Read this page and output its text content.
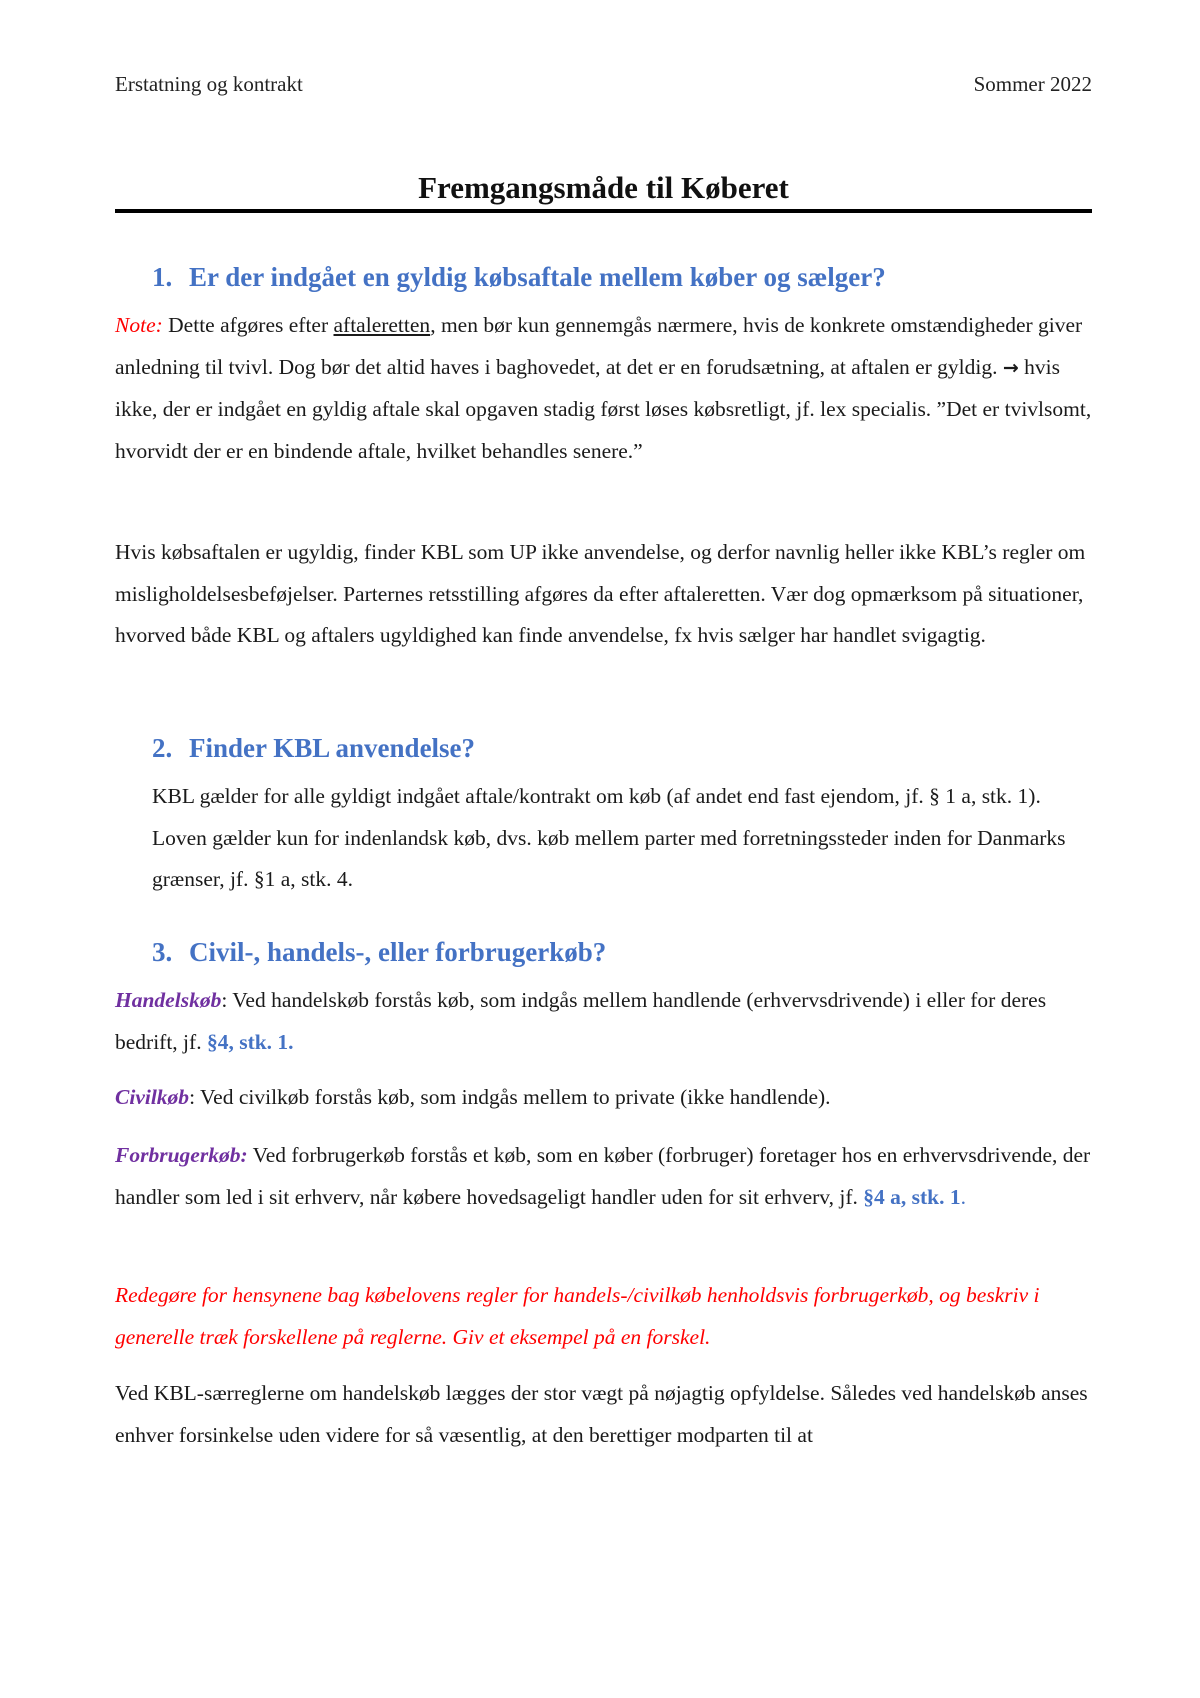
Erstatning og kontrakt	Sommer 2022
Fremgangsmåde til Køberet
1. Er der indgået en gyldig købsaftale mellem køber og sælger?
Note: Dette afgøres efter aftaleretten, men bør kun gennemgås nærmere, hvis de konkrete omstændigheder giver anledning til tvivl. Dog bør det altid haves i baghovedet, at det er en forudsætning, at aftalen er gyldig. → hvis ikke, der er indgået en gyldig aftale skal opgaven stadig først løses købsretligt, jf. lex specialis. ”Det er tvivlsomt, hvorvidt der er en bindende aftale, hvilket behandles senere.”
Hvis købsaftalen er ugyldig, finder KBL som UP ikke anvendelse, og derfor navnlig heller ikke KBL’s regler om misligholdelsesbeføjelser. Parternes retsstilling afgøres da efter aftaleretten. Vær dog opmærksom på situationer, hvorved både KBL og aftalers ugyldighed kan finde anvendelse, fx hvis sælger har handlet svigagtig.
2. Finder KBL anvendelse?
KBL gælder for alle gyldigt indgået aftale/kontrakt om køb (af andet end fast ejendom, jf. § 1 a, stk. 1). Loven gælder kun for indenlandsk køb, dvs. køb mellem parter med forretningssteder inden for Danmarks grænser, jf. §1 a, stk. 4.
3. Civil-, handels-, eller forbrugerkøb?
Handelskøb: Ved handelskøb forstås køb, som indgås mellem handlende (erhvervsdrivende) i eller for deres bedrift, jf. §4, stk. 1.
Civilkøb: Ved civilkøb forstås køb, som indgås mellem to private (ikke handlende).
Forbrugerkøb: Ved forbrugerkøb forstås et køb, som en køber (forbruger) foretager hos en erhvervsdrivende, der handler som led i sit erhverv, når købere hovedsageligt handler uden for sit erhverv, jf. §4 a, stk. 1.
Redegøre for hensynene bag købelovens regler for handels-/civilkøb henholdsvis forbrugerkøb, og beskriv i generelle træk forskellene på reglerne. Giv et eksempel på en forskel.
Ved KBL-særreglerne om handelskøb lægges der stor vægt på nøjagtig opfyldelse. Således ved handelskøb anses enhver forsinkelse uden videre for så væsentlig, at den berettiger modparten til at
